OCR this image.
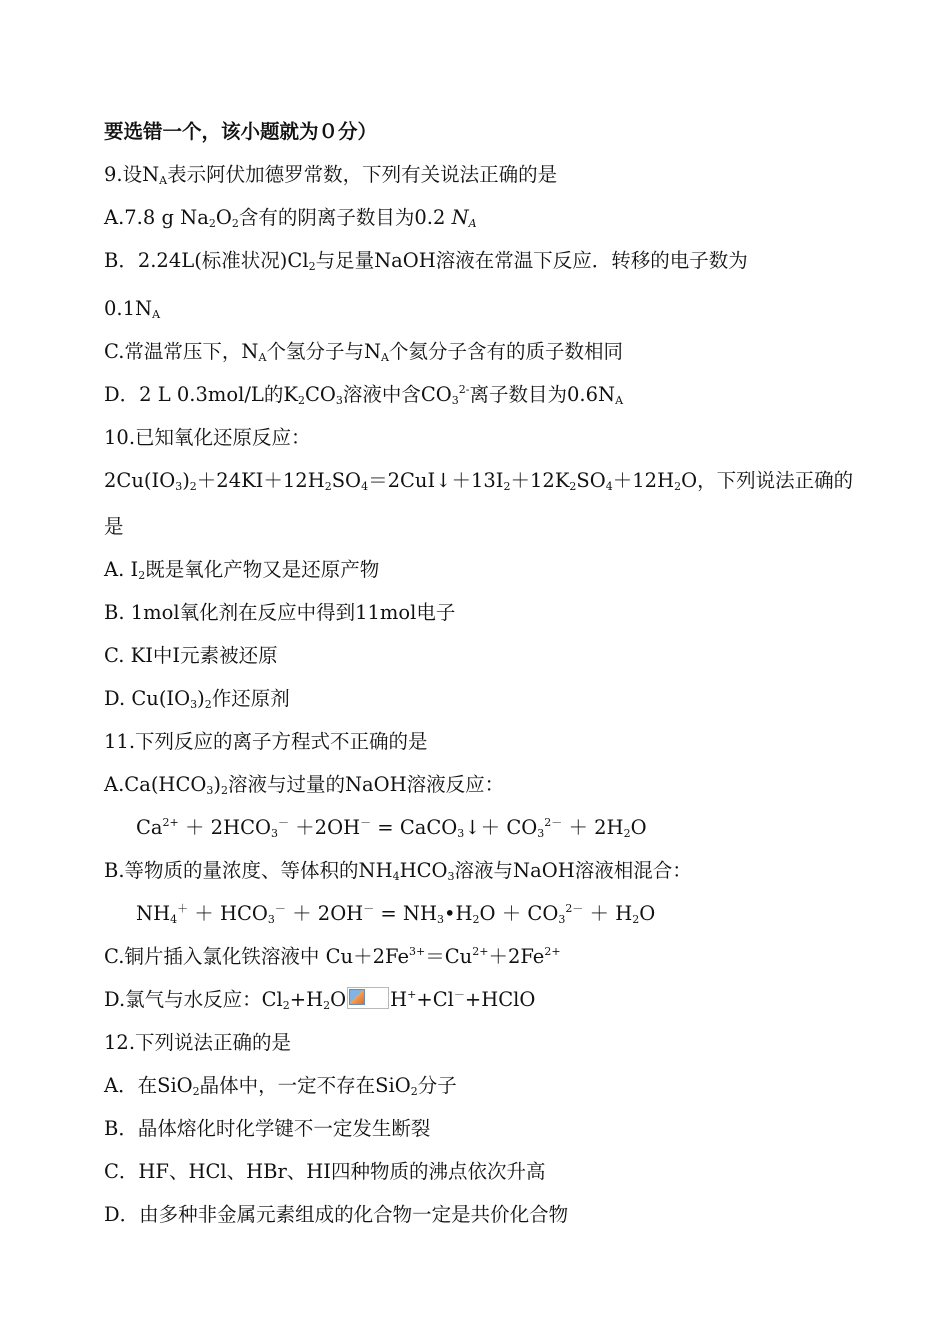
要选错一个，该小题就为０分）
9.设$N_A$表示阿伏加德罗常数，下列有关说法正确的是
A.7.8 g $Na_2O_2$含有的阴离子数目为0.2 $N_A$
B．2.24L(标准状况)$Cl_2$与足量NaOH溶液在常温下反应．转移的电子数为
$0.1N_A$
C.常温常压下，$N_A$个氢分子与$N_A$个氦分子含有的质子数相同
D．2 L 0.3mol/L的$K_2CO_3$溶液中含$CO_3^{2-}$离子数目为$0.6N_A$
10.已知氧化还原反应：
$2Cu(IO_3)_2+24KI+12H_2SO_4=2CuI↓+13I_2+12K_2SO_4+12H_2O$，下列说法正确的
是
A. $I_2$既是氧化产物又是还原产物
B. 1mol氧化剂在反应中得到11mol电子
C. KI中I元素被还原
D. $Cu(IO_3)_2$作还原剂
11.下列反应的离子方程式不正确的是
$A.Ca(HCO_3)_2$溶液与过量的NaOH溶液反应：
$Ca^{2+} + 2HCO_3^- +2OH^-$ = CaCO$_3$↓＋ $CO_3^{2-} + 2H_2O$
B.等物质的量浓度、等体积的$NH_4HCO_3$溶液与NaOH溶液相混合：
$NH_4^+ + HCO_3^- + 2OH^-$ = $NH_3•H_2O + CO_3^{2-} + H_2O$
C.铜片插入氯化铁溶液中 $Cu+2Fe^{3+}=Cu^{2+}+2Fe^{2+}$
D.氯气与水反应：$Cl_2+H_2O$ H++Cl－+HClO
12.下列说法正确的是
A．在SiO$_2$晶体中，一定不存在SiO$_2$分子
B．晶体熔化时化学键不一定发生断裂
C．HF、HCl、HBr、HI四种物质的沸点依次升高
D．由多种非金属元素组成的化合物一定是共价化合物
